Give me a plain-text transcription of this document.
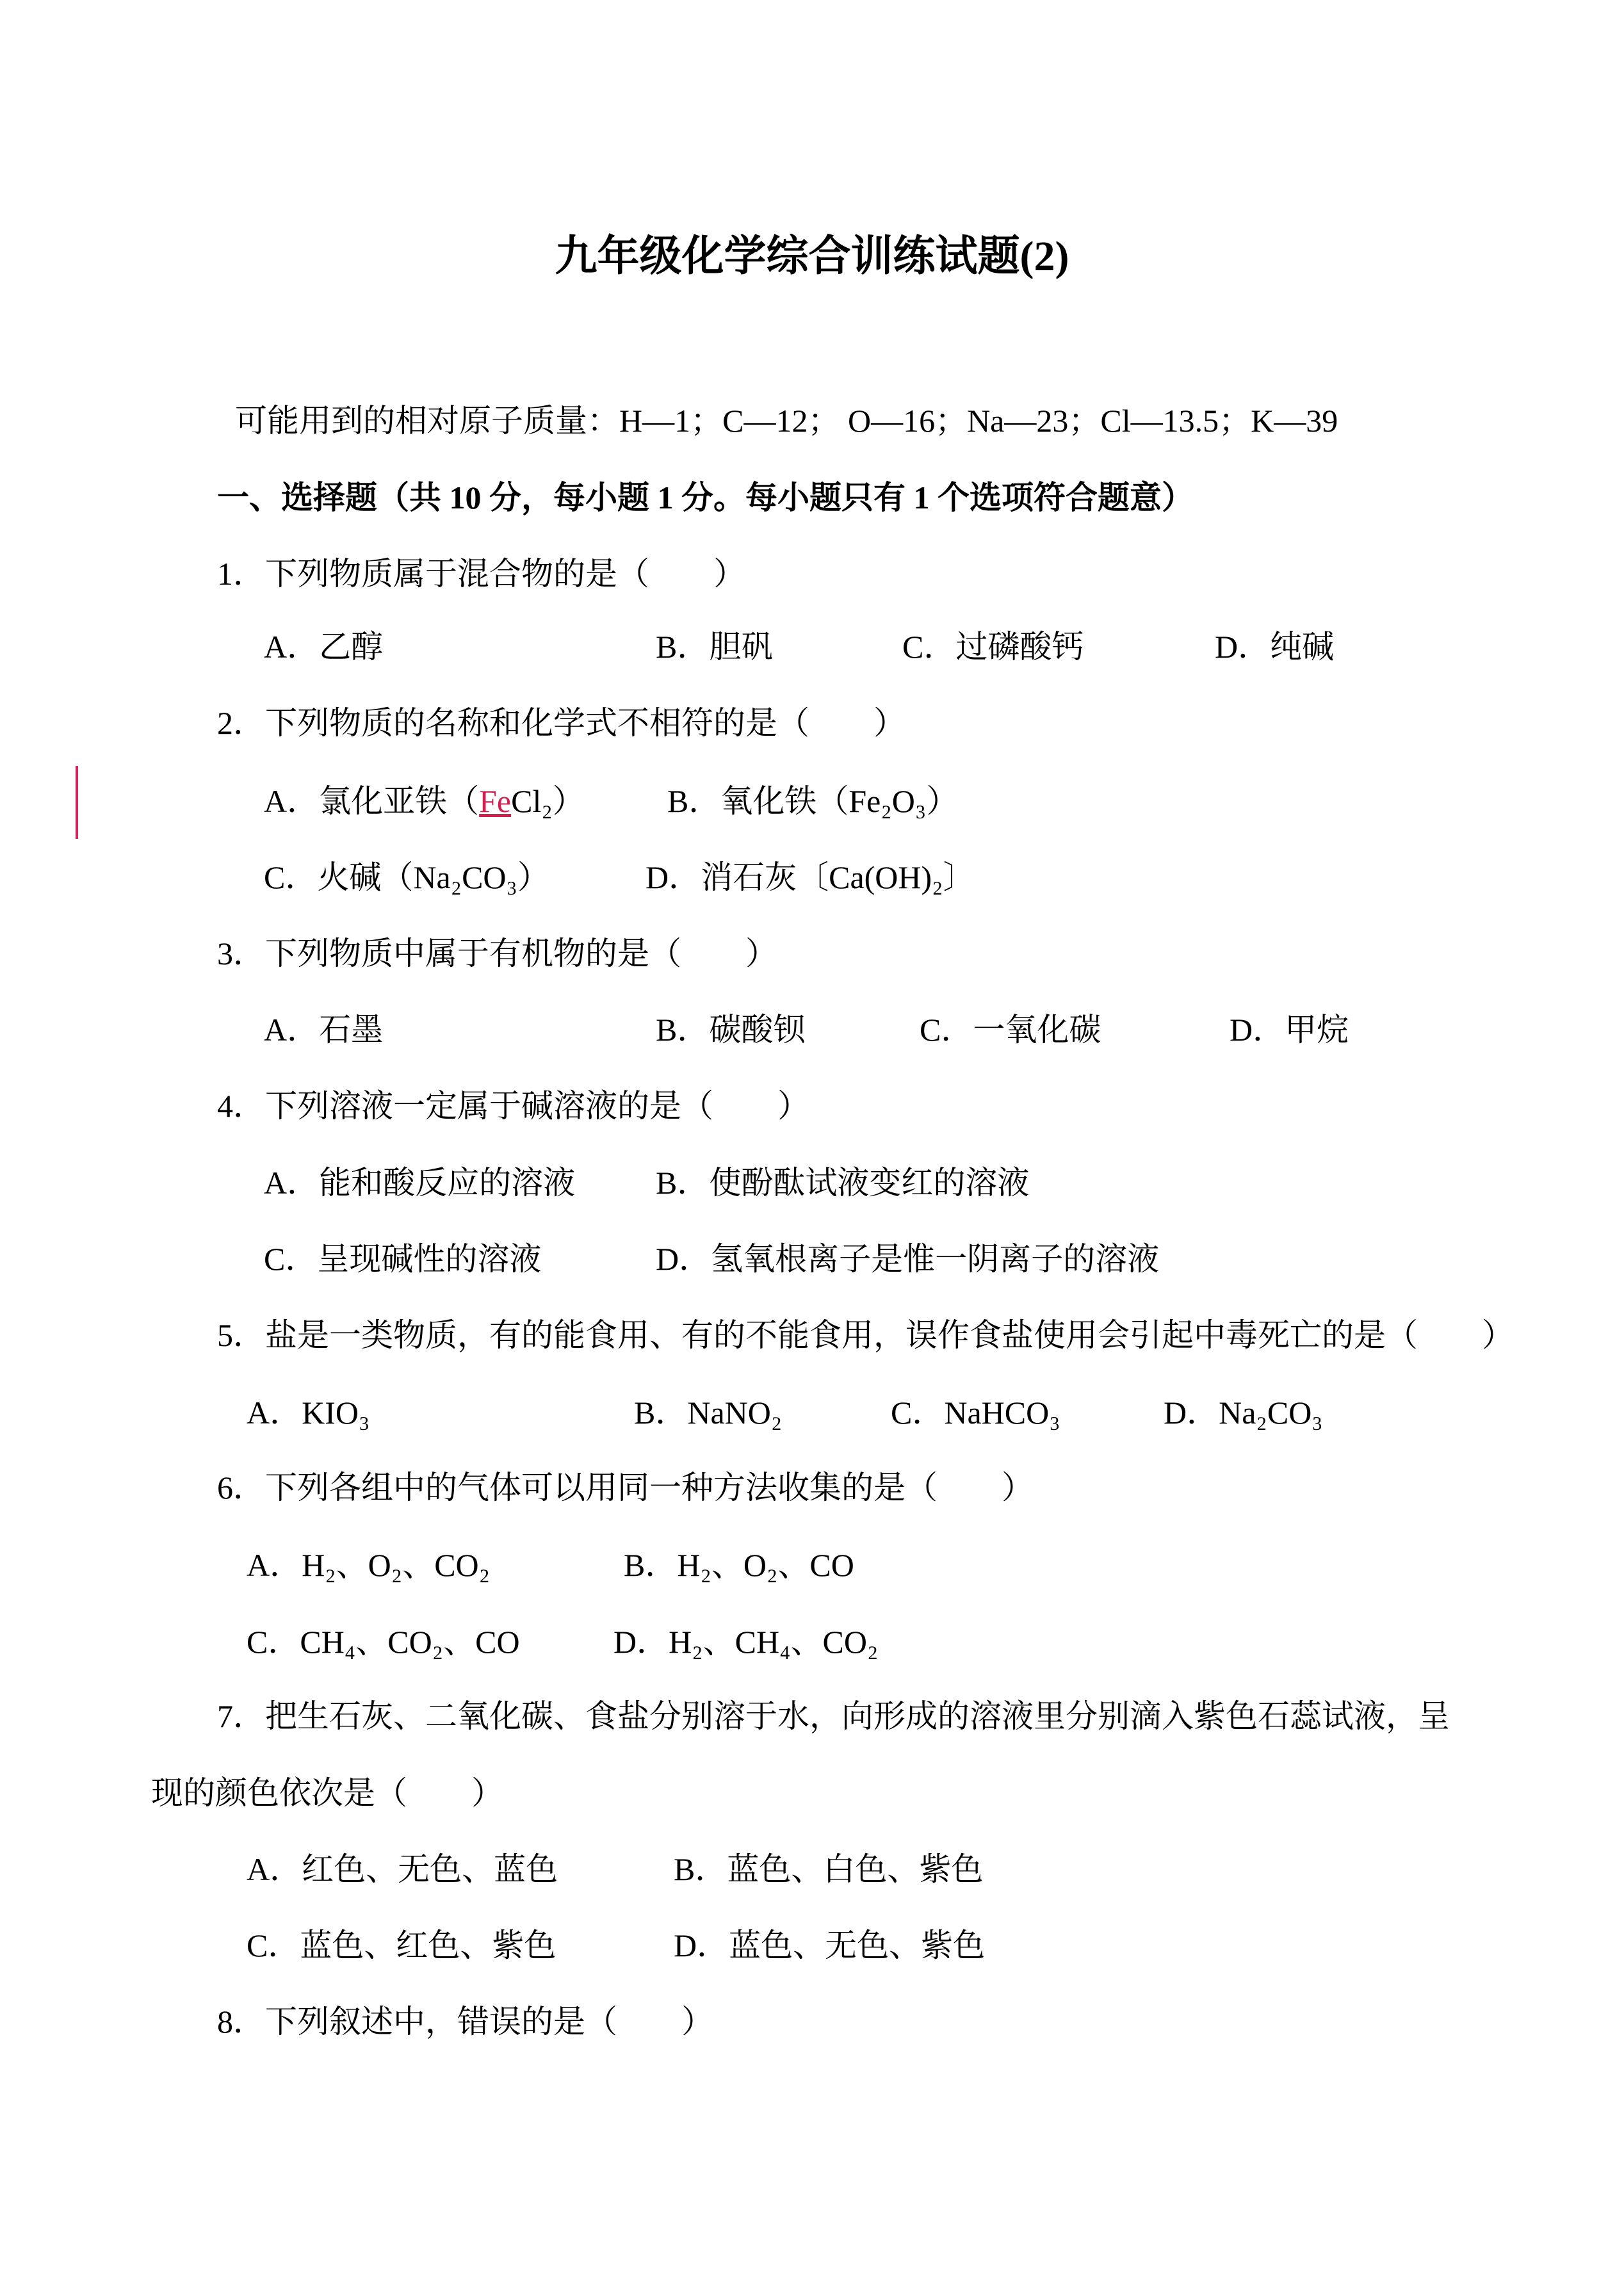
九年级化学综合训练试题(2)
可能用到的相对原子质量：H—1；C—12； O—16；Na—23；Cl—13.5；K—39
一、选择题（共 10 分，每小题 1 分。每小题只有 1 个选项符合题意）
1．下列物质属于混合物的是（　　）
A．乙醇	B．胆矾	C．过磷酸钙	D．纯碱
2．下列物质的名称和化学式不相符的是（　　）
A．氯化亚铁（FeCl₂）	B．氧化铁（Fe₂O₃）
C．火碱（Na₂CO₃）	D．消石灰〔Ca(OH)₂〕
3．下列物质中属于有机物的是（　　）
A．石墨	B．碳酸钡	C．一氧化碳	D．甲烷
4．下列溶液一定属于碱溶液的是（　　）
A．能和酸反应的溶液	B．使酚酞试液变红的溶液
C．呈现碱性的溶液	D．氢氧根离子是惟一阴离子的溶液
5．盐是一类物质，有的能食用、有的不能食用，误作食盐使用会引起中毒死亡的是（　　）
A．KIO₃	B．NaNO₂	C．NaHCO₃	D．Na₂CO₃
6．下列各组中的气体可以用同一种方法收集的是（　　）
A．H₂、O₂、CO₂	B．H₂、O₂、CO
C．CH₄、CO₂、CO	D．H₂、CH₄、CO₂
7．把生石灰、二氧化碳、食盐分别溶于水，向形成的溶液里分别滴入紫色石蕊试液，呈
现的颜色依次是（　　）
A．红色、无色、蓝色	B．蓝色、白色、紫色
C．蓝色、红色、紫色	D．蓝色、无色、紫色
8．下列叙述中，错误的是（　　）
